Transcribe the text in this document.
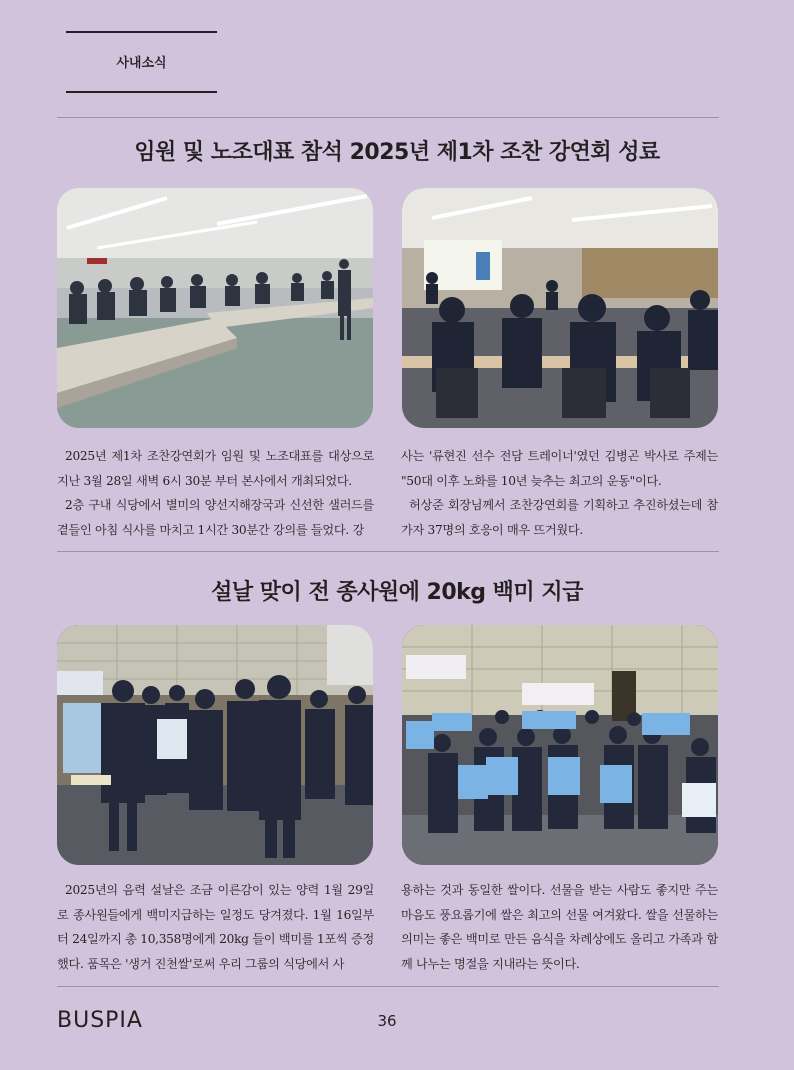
사내소식
임원 및 노조대표 참석 2025년 제1차 조찬 강연회 성료

2025년 제1차 조찬강연회가 임원 및 노조대표를 대상으로 지난 3월 28일 새벽 6시 30분 부터 본사에서 개최되었다.

2층 구내 식당에서 별미의 양선지해장국과 신선한 샐러드를 곁들인 아침 식사를 마치고 1시간 30분간 강의를 들었다. 강

사는 '류현진 선수 전담 트레이너'였던 김병곤 박사로 주제는 "50대 이후 노화를 10년 늦추는 최고의 운동"이다.

허상준 회장님께서 조찬강연회를 기획하고 추진하셨는데 참가자 37명의 호응이 매우 뜨거웠다.

설날 맞이 전 종사원에 20kg 백미 지급

2025년의 음력 설날은 조금 이른감이 있는 양력 1월 29일로 종사원들에게 백미지급하는 일정도 당겨졌다. 1월 16일부터 24일까지 총 10,358명에게 20kg 들이 백미를 1포씩 증정했다. 품목은 '생거 진천쌀'로써 우리 그룹의 식당에서 사

용하는 것과 동일한 쌀이다. 선물을 받는 사람도 좋지만 주는 마음도 풍요롭기에 쌀은 최고의 선물 여겨왔다. 쌀을 선물하는 의미는 좋은 백미로 만든 음식을 차례상에도 올리고 가족과 함께 나누는 명절을 지내라는 뜻이다.

BUSPIA	36
